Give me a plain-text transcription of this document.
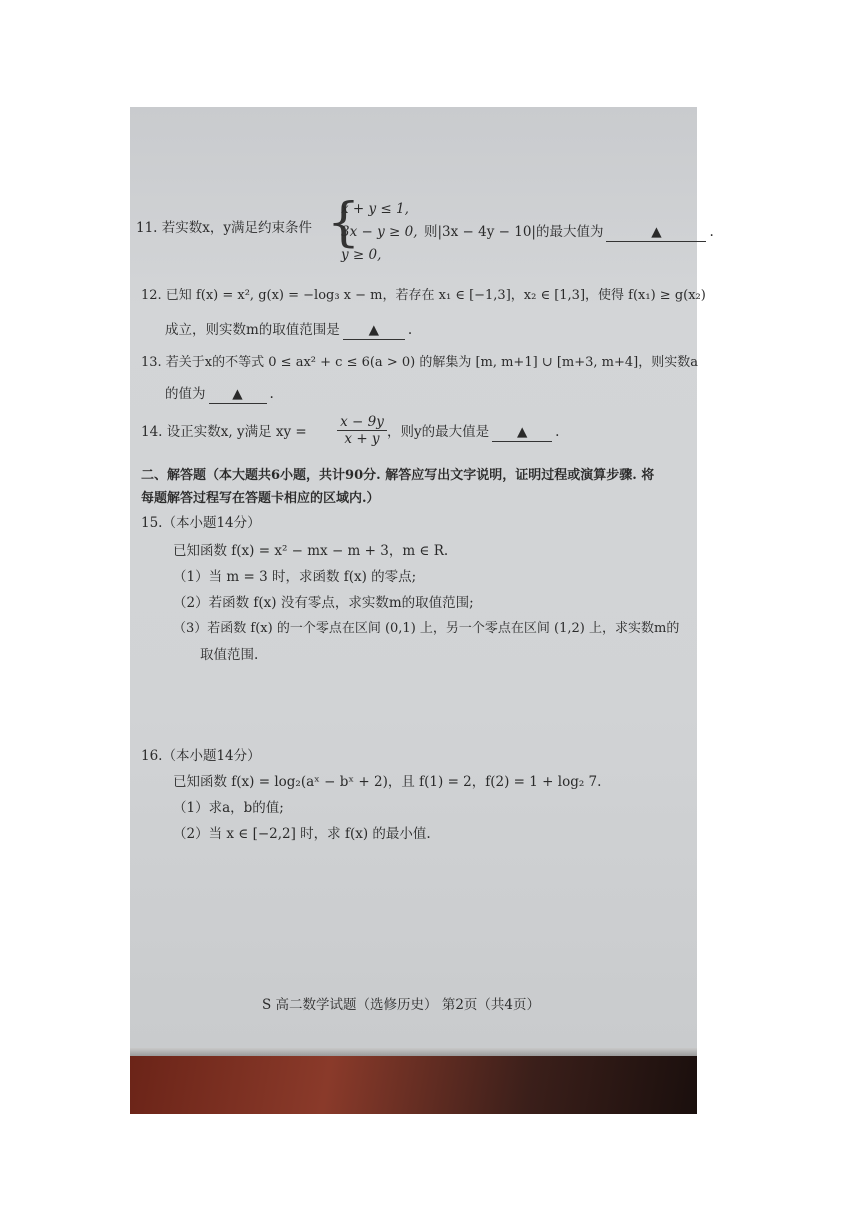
11. 若实数x，y满足约束条件 {
x + y ≤ 1,
3x − y ≥ 0,
y ≥ 0,
则|3x − 4y − 10|的最大值为	▲	.
12. 已知 f(x) = x², g(x) = −log₃ x − m，若存在 x₁ ∈ [−1,3]，x₂ ∈ [1,3]，使得 f(x₁) ≥ g(x₂)
成立，则实数m的取值范围是 ▲ .
13. 若关于x的不等式 0 ≤ ax² + c ≤ 6(a > 0) 的解集为 [m, m+1] ∪ [m+3, m+4]，则实数a
的值为 ▲ .
14. 设正实数x, y满足 xy = $\frac{x - 9y}{x + y}$ ，则y的最大值是 ▲ .
二、解答题（本大题共6小题，共计90分. 解答应写出文字说明，证明过程或演算步骤. 将
每题解答过程写在答题卡相应的区域内.）
15.（本小题14分）
已知函数 f(x) = x² − mx − m + 3，m ∈ R.
（1）当 m = 3 时，求函数 f(x) 的零点;
（2）若函数 f(x) 没有零点，求实数m的取值范围;
（3）若函数 f(x) 的一个零点在区间 (0,1) 上，另一个零点在区间 (1,2) 上，求实数m的
取值范围.
16.（本小题14分）
已知函数 f(x) = log₂(aˣ − bˣ + 2)，且 f(1) = 2，f(2) = 1 + log₂ 7.
（1）求a，b的值;
（2）当 x ∈ [−2,2] 时，求 f(x) 的最小值.
S 高二数学试题（选修历史） 第2页（共4页）
